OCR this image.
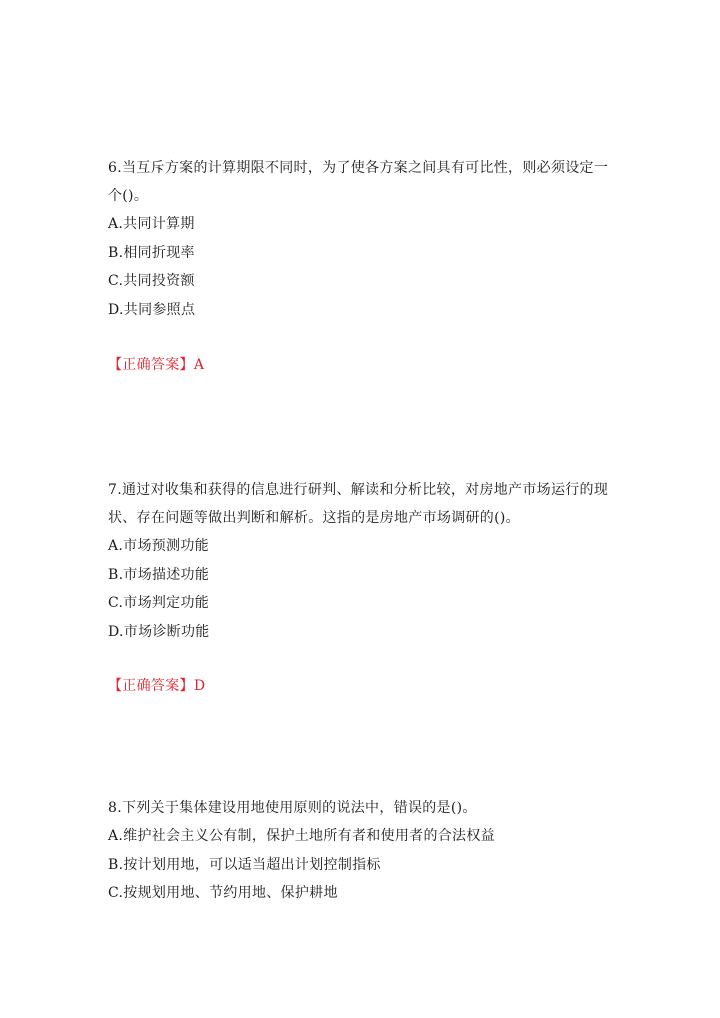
6.当互斥方案的计算期限不同时，为了使各方案之间具有可比性，则必须设定一个()。

A.共同计算期
B.相同折现率
C.共同投资额
D.共同参照点
【正确答案】A

7.通过对收集和获得的信息进行研判、解读和分析比较，对房地产市场运行的现状、存在问题等做出判断和解析。这指的是房地产市场调研的()。

A.市场预测功能
B.市场描述功能
C.市场判定功能
D.市场诊断功能
【正确答案】D

8.下列关于集体建设用地使用原则的说法中，错误的是()。

A.维护社会主义公有制，保护土地所有者和使用者的合法权益
B.按计划用地，可以适当超出计划控制指标
C.按规划用地、节约用地、保护耕地
